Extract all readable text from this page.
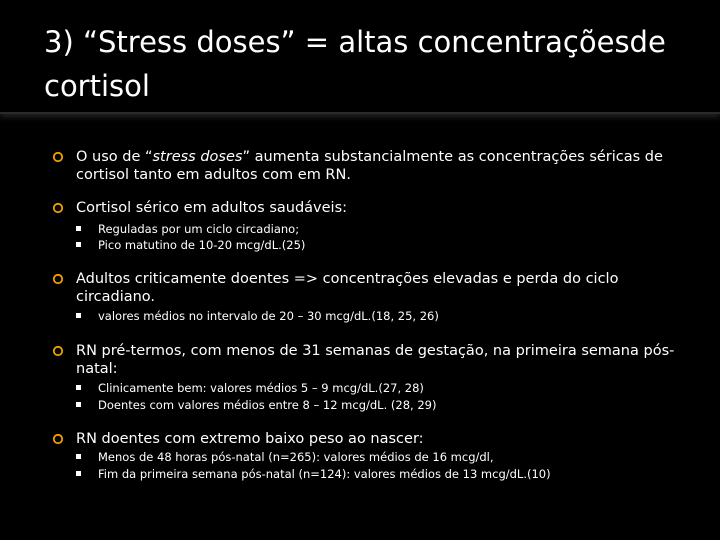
3) “Stress doses” = altas concentraçõesde cortisol
O uso de “stress doses” aumenta substancialmente as concentrações séricas de cortisol tanto em adultos com em RN.
Cortisol sérico em adultos saudáveis:
Reguladas por um ciclo circadiano;
Pico matutino de 10-20 mcg/dL.(25)
Adultos criticamente doentes => concentrações elevadas e perda do ciclo circadiano.
valores médios no intervalo de 20 – 30 mcg/dL.(18, 25, 26)
RN pré-termos, com menos de 31 semanas de gestação, na primeira semana pós-natal:
Clinicamente bem: valores médios 5 – 9 mcg/dL.(27, 28)
Doentes com valores médios entre 8 – 12 mcg/dL. (28, 29)
RN doentes com extremo baixo peso ao nascer:
Menos de 48 horas pós-natal (n=265): valores médios de 16 mcg/dl,
Fim da primeira semana pós-natal (n=124): valores médios de 13 mcg/dL.(10)
